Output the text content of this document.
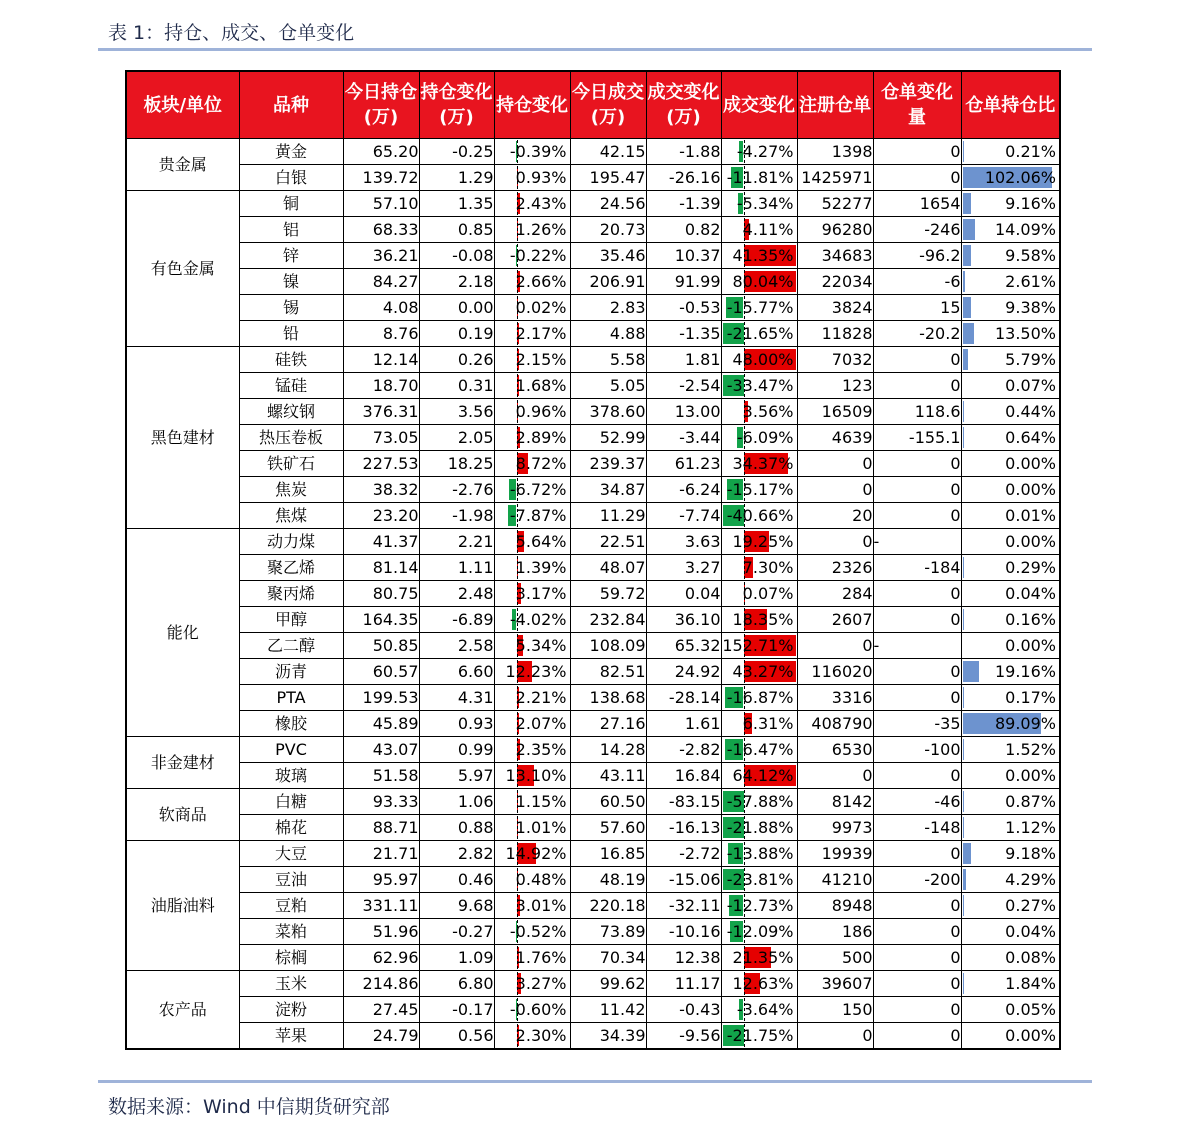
表 1：持仓、成交、仓单变化
板块/单位	品种	今日持仓(万)	持仓变化(万)	持仓变化	今日成交(万)	成交变化(万)	成交变化	注册仓单	仓单变化量	仓单持仓比
贵金属	黄金	65.20	-0.25	-0.39%	42.15	-1.88	-4.27%	1398	0	0.21%

	白银	139.72	1.29	0.93%	195.47	-26.16	-11.81%	1425971	0	102.06%

有色金属	铜	57.10	1.35	2.43%	24.56	-1.39	-5.34%	52277	1654	9.16%

	铝	68.33	0.85	1.26%	20.73	0.82	4.11%	96280	-246	14.09%

	锌	36.21	-0.08	-0.22%	35.46	10.37	41.35%	34683	-96.2	9.58%

	镍	84.27	2.18	2.66%	206.91	91.99	80.04%	22034	-6	2.61%

	锡	4.08	0.00	0.02%	2.83	-0.53	-15.77%	3824	15	9.38%

	铅	8.76	0.19	2.17%	4.88	-1.35	-21.65%	11828	-20.2	13.50%

黑色建材	硅铁	12.14	0.26	2.15%	5.58	1.81	48.00%	7032	0	5.79%

	锰硅	18.70	0.31	1.68%	5.05	-2.54	-33.47%	123	0	0.07%

	螺纹钢	376.31	3.56	0.96%	378.60	13.00	3.56%	16509	118.6	0.44%

	热压卷板	73.05	2.05	2.89%	52.99	-3.44	-6.09%	4639	-155.1	0.64%

	铁矿石	227.53	18.25	8.72%	239.37	61.23	34.37%	0	0	0.00%

	焦炭	38.32	-2.76	-6.72%	34.87	-6.24	-15.17%	0	0	0.00%

	焦煤	23.20	-1.98	-7.87%	11.29	-7.74	-40.66%	20	0	0.01%

能化	动力煤	41.37	2.21	5.64%	22.51	3.63	19.25%	0	-	0.00%

	聚乙烯	81.14	1.11	1.39%	48.07	3.27	7.30%	2326	-184	0.29%

	聚丙烯	80.75	2.48	3.17%	59.72	0.04	0.07%	284	0	0.04%

	甲醇	164.35	-6.89	-4.02%	232.84	36.10	18.35%	2607	0	0.16%

	乙二醇	50.85	2.58	5.34%	108.09	65.32	152.71%	0	-	0.00%

	沥青	60.57	6.60	12.23%	82.51	24.92	43.27%	116020	0	19.16%

	PTA	199.53	4.31	2.21%	138.68	-28.14	-16.87%	3316	0	0.17%

	橡胶	45.89	0.93	2.07%	27.16	1.61	6.31%	408790	-35	89.09%

非金建材	PVC	43.07	0.99	2.35%	14.28	-2.82	-16.47%	6530	-100	1.52%

	玻璃	51.58	5.97	13.10%	43.11	16.84	64.12%	0	0	0.00%

软商品	白糖	93.33	1.06	1.15%	60.50	-83.15	-57.88%	8142	-46	0.87%

	棉花	88.71	0.88	1.01%	57.60	-16.13	-21.88%	9973	-148	1.12%

油脂油料	大豆	21.71	2.82	14.92%	16.85	-2.72	-13.88%	19939	0	9.18%

	豆油	95.97	0.46	0.48%	48.19	-15.06	-23.81%	41210	-200	4.29%

	豆粕	331.11	9.68	3.01%	220.18	-32.11	-12.73%	8948	0	0.27%

	菜粕	51.96	-0.27	-0.52%	73.89	-10.16	-12.09%	186	0	0.04%

	棕榈	62.96	1.09	1.76%	70.34	12.38	21.35%	500	0	0.08%

农产品	玉米	214.86	6.80	3.27%	99.62	11.17	12.63%	39607	0	1.84%

	淀粉	27.45	-0.17	-0.60%	11.42	-0.43	-3.64%	150	0	0.05%

	苹果	24.79	0.56	2.30%	34.39	-9.56	-21.75%	0	0	0.00%
数据来源：Wind 中信期货研究部
